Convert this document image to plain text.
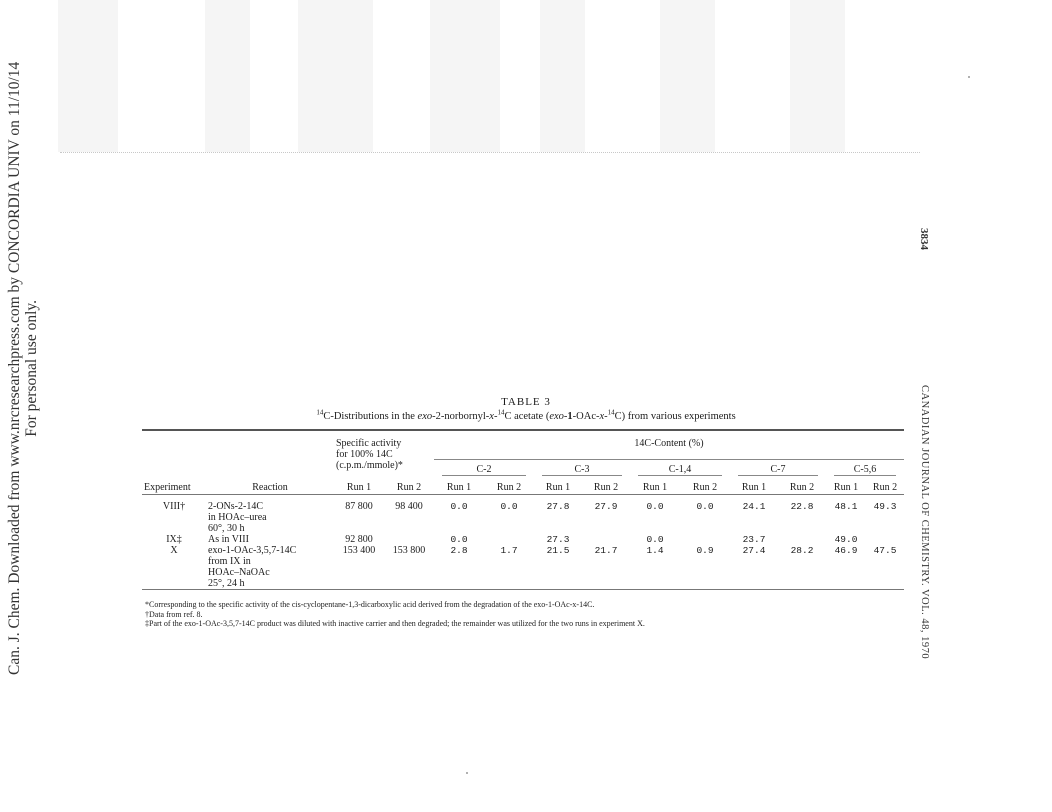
Can. J. Chem. Downloaded from www.nrcresearchpress.com by CONCORDIA UNIV on 11/10/14 For personal use only.
3834
CANADIAN JOURNAL OF CHEMISTRY. VOL. 48, 1970
TABLE 3
$^{14}$C-Distributions in the exo-2-norbornyl-x-$^{14}$C acetate (exo-1-OAc-x-$^{14}$C) from various experiments

		Specific activity
for 100% 14C
(c.p.m./mmole)*		14C-Content (%)									

				C-2		C-3		C-1,4		C-7		C-5,6	

Experiment	Reaction	Run 1	Run 2	Run 1	Run 2	Run 1	Run 2	Run 1	Run 2	Run 1	Run 2	Run 1	Run 2

VIII†	2-ONs-2-14C
in HOAc–urea
60°, 30 h	87 800	98 400	0.0	0.0	27.8	27.9	0.0	0.0	24.1	22.8	48.1	49.3
IX‡	As in VIII	92 800		0.0		27.3		0.0		23.7		49.0	
X	exo-1-OAc-3,5,7-14C
from IX in
HOAc–NaOAc
25°, 24 h	153 400	153 800	2.8	1.7	21.5	21.7	1.4	0.9	27.4	28.2	46.9	47.5

*Corresponding to the specific activity of the cis-cyclopentane-1,3-dicarboxylic acid derived from the degradation of the exo-1-OAc-x-14C.
†Data from ref. 8.
‡Part of the exo-1-OAc-3,5,7-14C product was diluted with inactive carrier and then degraded; the remainder was utilized for the two runs in experiment X.
